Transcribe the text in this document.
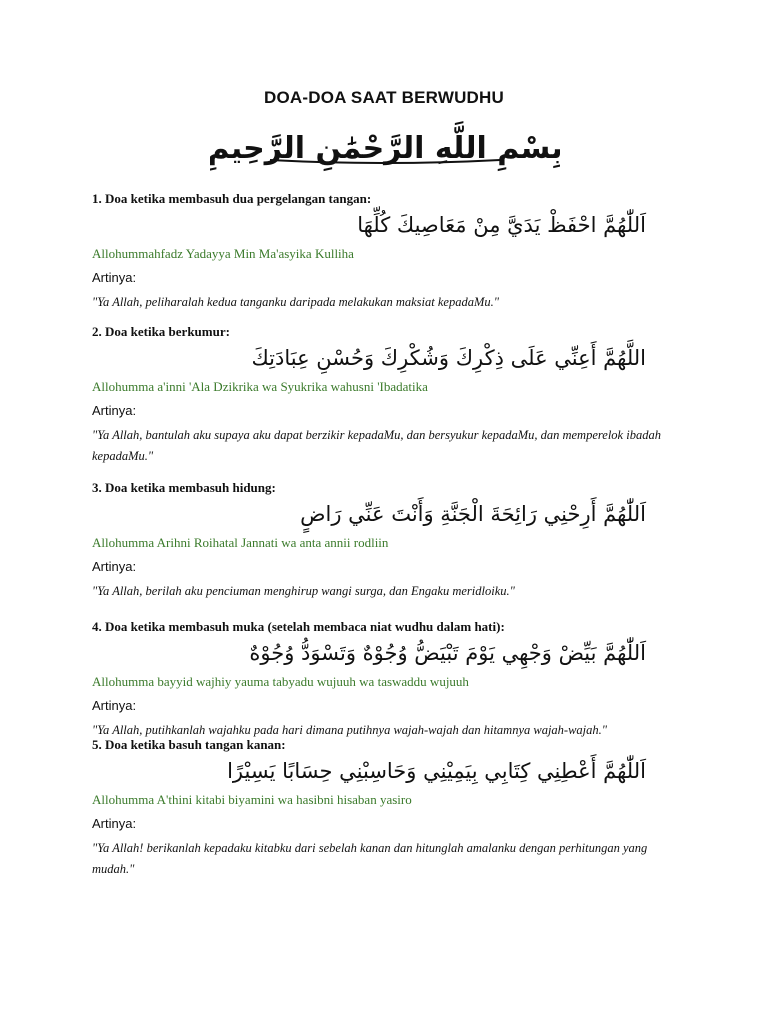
DOA-DOA SAAT BERWUDHU
بِسْمِ اللَّهِ الرَّحْمَٰنِ الرَّحِيمِ
1. Doa ketika membasuh dua pergelangan tangan:
اَللّٰهُمَّ احْفَظْ يَدَيَّ مِنْ مَعَاصِيكَ كُلِّهَا
Allohummahfadz Yadayya Min Ma'asyika Kulliha
Artinya:
"Ya Allah, peliharalah kedua tanganku daripada melakukan maksiat kepadaMu."
2. Doa ketika berkumur:
اللَّهُمَّ أَعِنِّي عَلَى ذِكْرِكَ وَشُكْرِكَ وَحُسْنِ عِبَادَتِكَ
Allohumma a'inni 'Ala Dzikrika wa Syukrika wahusni 'Ibadatika
Artinya:
"Ya Allah, bantulah aku supaya aku dapat berzikir kepadaMu, dan bersyukur kepadaMu, dan memperelok ibadah kepadaMu."
3. Doa ketika membasuh hidung:
اَللّٰهُمَّ أَرِحْنِي رَائِحَةَ الْجَنَّةِ وَأَنْتَ عَنِّي رَاضٍ
Allohumma Arihni Roihatal Jannati wa anta annii rodliin
Artinya:
"Ya Allah, berilah aku penciuman menghirup wangi surga, dan Engaku meridloiku."
4. Doa ketika membasuh muka (setelah membaca niat wudhu dalam hati):
اَللّٰهُمَّ بَيِّضْ وَجْهِي يَوْمَ تَبْيَضُّ وُجُوْهٌ وَتَسْوَدُّ وُجُوْهٌ
Allohumma bayyid wajhiy yauma tabyadu wujuuh wa taswaddu wujuuh
Artinya:
"Ya Allah, putihkanlah wajahku pada hari dimana putihnya wajah-wajah dan hitamnya wajah-wajah."
5. Doa ketika basuh tangan kanan:
اَللّٰهُمَّ أَعْطِنِي كِتَابِي بِيَمِيْنِي وَحَاسِبْنِي حِسَابًا يَسِيْرًا
Allohumma A'thini kitabi biyamini wa hasibni hisaban yasiro
Artinya:
"Ya Allah! berikanlah kepadaku kitabku dari sebelah kanan dan hitunglah amalanku dengan perhitungan yang mudah."
